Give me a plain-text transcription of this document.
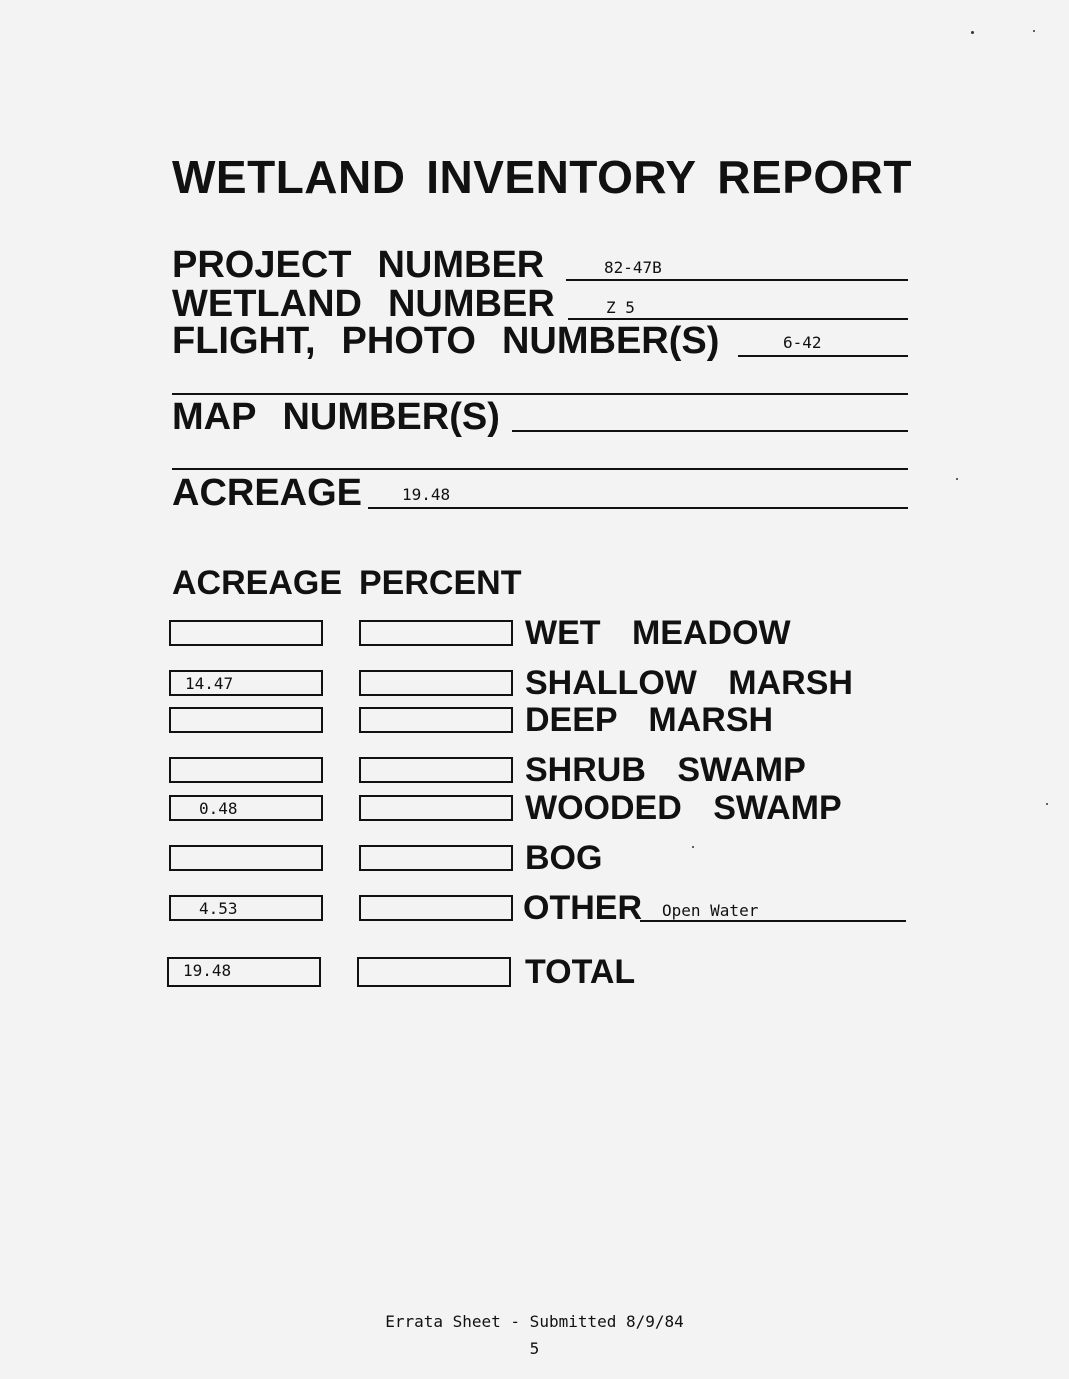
WETLAND INVENTORY REPORT
PROJECT NUMBER	82-47B
WETLAND NUMBER	Z 5
FLIGHT, PHOTO NUMBER(S)	6-42
MAP NUMBER(S)
ACREAGE 19.48
ACREAGE PERCENT
WET MEADOW
14.47	SHALLOW MARSH
DEEP MARSH
SHRUB SWAMP
0.48	WOODED SWAMP
BOG
4.53	OTHER Open Water
19.48	TOTAL
Errata Sheet - Submitted 8/9/84
5
